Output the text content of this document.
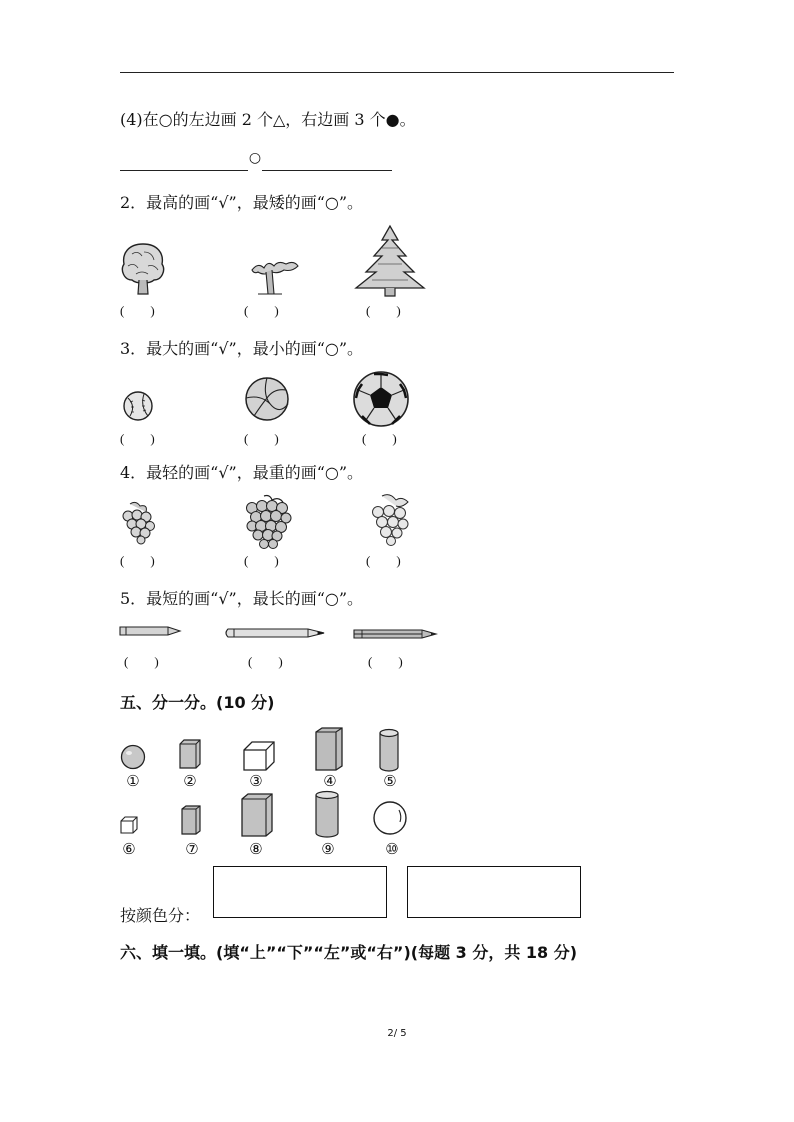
(4)在○的左边画 2 个△，右边画 3 个●。
○
2．最高的画“√”，最矮的画“○”。
(        )	(        )	(        )
3．最大的画“√”，最小的画“○”。
(        )	(        )	(        )
4．最轻的画“√”，最重的画“○”。
(        )	(        )	(        )
5．最短的画“√”，最长的画“○”。
(        )	(        )	(        )
五、分一分。(10 分)
①	②	③	④	⑤
⑥	⑦	⑧	⑨	⑩
按颜色分：
六、填一填。(填“上”“下”“左”或“右”)(每题 3 分，共 18 分)
2/ 5
